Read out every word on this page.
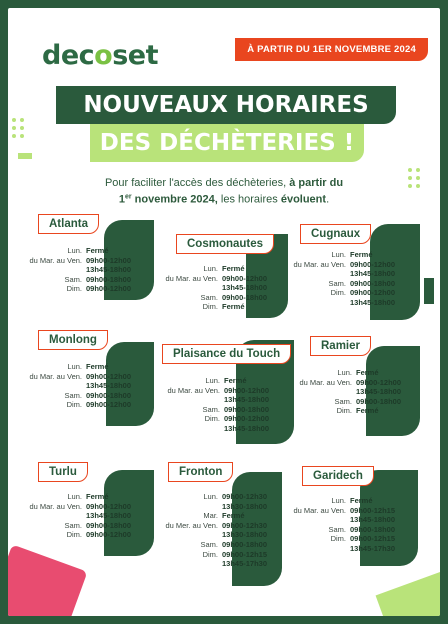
decoset	À PARTIR DU 1ER NOVEMBRE 2024
NOUVEAUX HORAIRES
DES DÉCHÈTERIES !
Pour faciliter l'accès des déchèteries, à partir du
1er novembre 2024, les horaires évoluent.
Atlanta
Lun. Fermé
du Mar. au Ven. 09h00-12h00
13h45-18h00
Sam. 09h00-18h00
Dim. 09h00-12h00
Cosmonautes
Lun. Fermé
du Mar. au Ven. 09h00-12h00
13h45-18h00
Sam. 09h00-18h00
Dim. Fermé
Cugnaux
Lun. Fermé
du Mar. au Ven. 09h00-12h00
13h45-18h00
Sam. 09h00-18h00
Dim. 09h00-12h00
13h45-18h00
Monlong
Lun. Fermé
du Mar. au Ven. 09h00-12h00
13h45-18h00
Sam. 09h00-18h00
Dim. 09h00-12h00
Plaisance du Touch
Lun. Fermé
du Mar. au Ven. 09h00-12h00
13h45-18h00
Sam. 09h00-18h00
Dim. 09h00-12h00
13h45-18h00
Ramier
Lun. Fermé
du Mar. au Ven. 09h00-12h00
13h45-18h00
Sam. 09h00-18h00
Dim. Fermé
Turlu
Lun. Fermé
du Mar. au Ven. 09h00-12h00
13h45-18h00
Sam. 09h00-18h00
Dim. 09h00-12h00
Fronton
Lun. 09h00-12h30
13h30-18h00
Mar. Fermé
du Mer. au Ven. 09h00-12h30
13h30-18h00
Sam. 09h00-18h00
Dim. 09h00-12h15
13h45-17h30
Garidech
Lun. Fermé
du Mar. au Ven. 09h00-12h15
13h45-18h00
Sam. 09h00-18h00
Dim. 09h00-12h15
13h45-17h30
